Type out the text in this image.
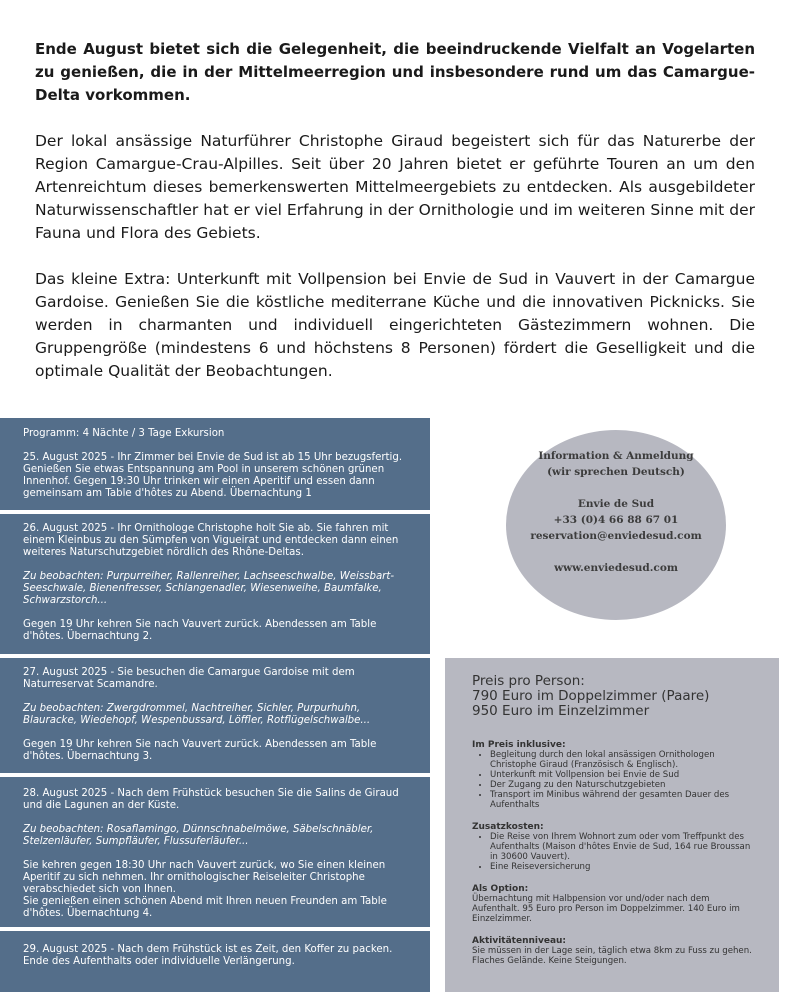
Ende August bietet sich die Gelegenheit, die beeindruckende Vielfalt an Vogelarten zu genießen, die in der Mittelmeerregion und insbesondere rund um das Camargue-Delta vorkommen.

Der lokal ansässige Naturführer Christophe Giraud begeistert sich für das Naturerbe der Region Camargue-Crau-Alpilles. Seit über 20 Jahren bietet er geführte Touren an um den Artenreichtum dieses bemerkenswerten Mittelmeergebiets zu entdecken. Als ausgebildeter Naturwissenschaftler hat er viel Erfahrung in der Ornithologie und im weiteren Sinne mit der Fauna und Flora des Gebiets.

Das kleine Extra: Unterkunft mit Vollpension bei Envie de Sud in Vauvert in der Camargue Gardoise. Genießen Sie die köstliche mediterrane Küche und die innovativen Picknicks. Sie werden in charmanten und individuell eingerichteten Gästezimmern wohnen. Die Gruppengröße (mindestens 6 und höchstens 8 Personen) fördert die Geselligkeit und die optimale Qualität der Beobachtungen.

Programm: 4 Nächte / 3 Tage Exkursion

25. August 2025 - Ihr Zimmer bei Envie de Sud ist ab 15 Uhr bezugsfertig. Genießen Sie etwas Entspannung am Pool in unserem schönen grünen Innenhof. Gegen 19:30 Uhr trinken wir einen Aperitif und essen dann gemeinsam am Table d'hôtes zu Abend. Übernachtung 1

26. August 2025 - Ihr Ornithologe Christophe holt Sie ab. Sie fahren mit einem Kleinbus zu den Sümpfen von Vigueirat und entdecken dann einen weiteres Naturschutzgebiet nördlich des Rhône-Deltas.

Zu beobachten: Purpurreiher, Rallenreiher, Lachseeschwalbe, Weissbart-Seeschwale, Bienenfresser, Schlangenadler, Wiesenweihe, Baumfalke, Schwarzstorch...

Gegen 19 Uhr kehren Sie nach Vauvert zurück. Abendessen am Table d'hôtes. Übernachtung 2.

27. August 2025 - Sie besuchen die Camargue Gardoise mit dem Naturreservat Scamandre.

Zu beobachten: Zwergdrommel, Nachtreiher, Sichler, Purpurhuhn, Blauracke, Wiedehopf, Wespenbussard, Löffler, Rotflügelschwalbe...

Gegen 19 Uhr kehren Sie nach Vauvert zurück. Abendessen am Table d'hôtes. Übernachtung 3.

28. August 2025 - Nach dem Frühstück besuchen Sie die Salins de Giraud und die Lagunen an der Küste.

Zu beobachten: Rosaflamingo, Dünnschnabelmöwe, Säbelschnäbler, Stelzenläufer, Sumpfläufer, Flussuferläufer...

Sie kehren gegen 18:30 Uhr nach Vauvert zurück, wo Sie einen kleinen Aperitif zu sich nehmen. Ihr ornithologischer Reiseleiter Christophe verabschiedet sich von Ihnen.

Sie genießen einen schönen Abend mit Ihren neuen Freunden am Table d'hôtes. Übernachtung 4.

29. August 2025 - Nach dem Frühstück ist es Zeit, den Koffer zu packen. Ende des Aufenthalts oder individuelle Verlängerung.

Information & Anmeldung

(wir sprechen Deutsch)

Envie de Sud

+33 (0)4 66 88 67 01

reservation@enviedesud.com

www.enviedesud.com

Preis pro Person:

790 Euro im Doppelzimmer (Paare)

950 Euro im Einzelzimmer

Im Preis inklusive:

• Begleitung durch den lokal ansässigen Ornithologen Christophe Giraud (Französisch & Englisch).
• Unterkunft mit Vollpension bei Envie de Sud
• Der Zugang zu den Naturschutzgebieten
• Transport im Minibus während der gesamten Dauer des Aufenthalts

Zusatzkosten:

• Die Reise von Ihrem Wohnort zum oder vom Treffpunkt des Aufenthalts (Maison d'hôtes Envie de Sud, 164 rue Broussan in 30600 Vauvert).
• Eine Reiseversicherung

Als Option:

Übernachtung mit Halbpension vor und/oder nach dem Aufenthalt. 95 Euro pro Person im Doppelzimmer. 140 Euro im Einzelzimmer.

Aktivitätenniveau:

Sie müssen in der Lage sein, täglich etwa 8km zu Fuss zu gehen. Flaches Gelände. Keine Steigungen.
